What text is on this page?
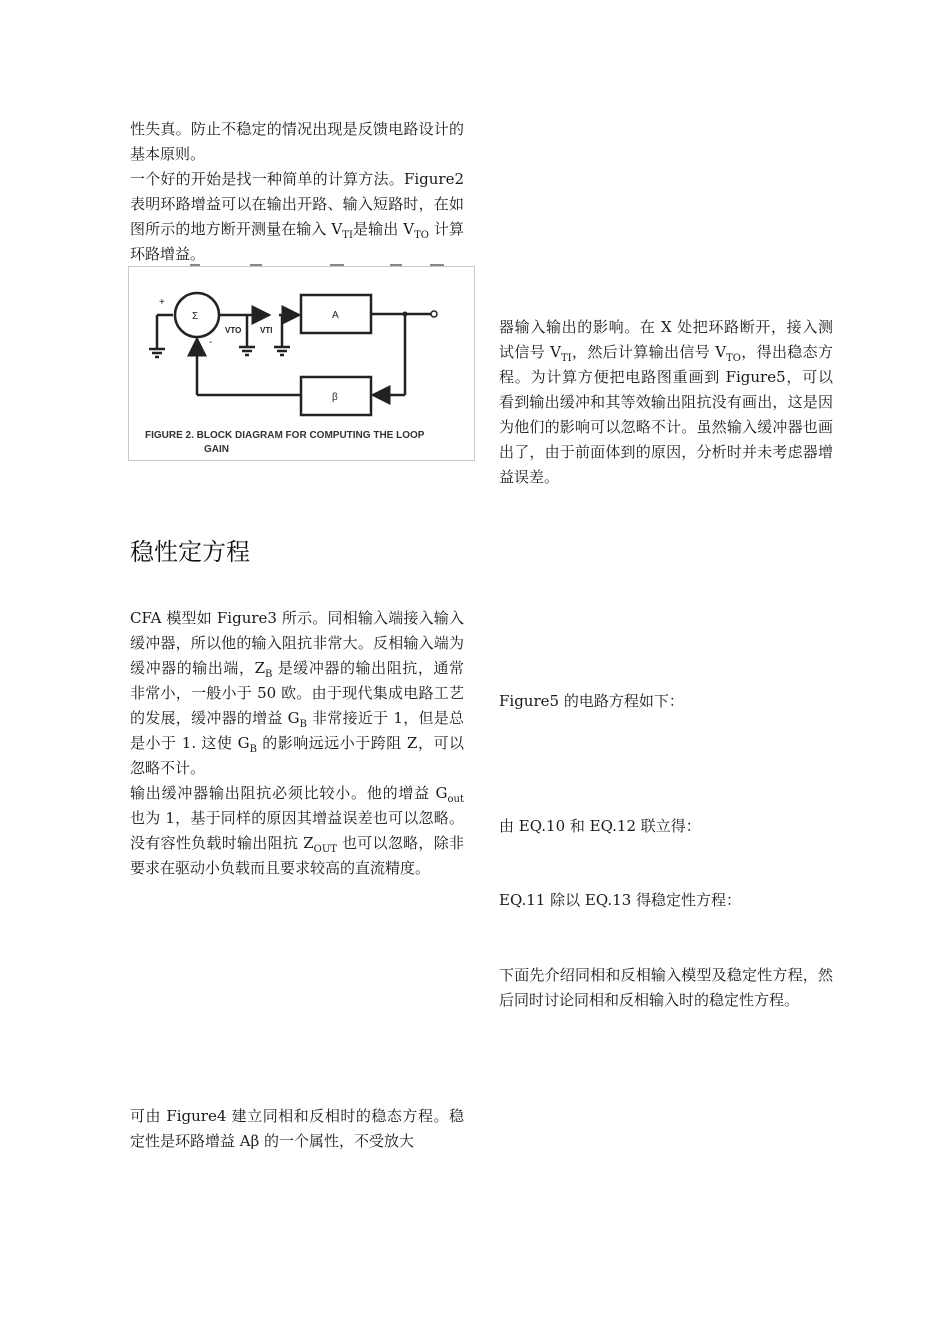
性失真。防止不稳定的情况出现是反馈电路设计的基本原则。

一个好的开始是找一种简单的计算方法。Figure2 表明环路增益可以在输出开路、输入短路时，在如图所示的地方断开测量在输入 $V_{TI}$是输出 $V_{TO}$ 计算环路增益。

Σ
+
-
VTO VTI
A
β
FIGURE 2. BLOCK DIAGRAM FOR COMPUTING THE LOOP
GAIN
稳性定方程

CFA 模型如 Figure3 所示。同相输入端接入输入缓冲器，所以他的输入阻抗非常大。反相输入端为缓冲器的输出端，$Z_B$ 是缓冲器的输出阻抗，通常非常小，一般小于 50 欧。由于现代集成电路工艺的发展，缓冲器的增益 $G_B$ 非常接近于 1，但是总是小于 1. 这使 $G_B$ 的影响远远小于跨阻 Z，可以忽略不计。

输出缓冲器输出阻抗必须比较小。他的增益 $G_{out}$ 也为 1，基于同样的原因其增益误差也可以忽略。没有容性负载时输出阻抗 $Z_{OUT}$ 也可以忽略，除非要求在驱动小负载而且要求较高的直流精度。

可由 Figure4 建立同相和反相时的稳态方程。稳定性是环路增益 Aβ 的一个属性，不受放大

器输入输出的影响。在 X 处把环路断开，接入测试信号 $V_{TI}$，然后计算输出信号 $V_{TO}$，得出稳态方程。为计算方便把电路图重画到 Figure5，可以看到输出缓冲和其等效输出阻抗没有画出，这是因为他们的影响可以忽略不计。虽然输入缓冲器也画出了，由于前面体到的原因，分析时并未考虑器增益误差。

Figure5 的电路方程如下：

由 EQ.10 和 EQ.12 联立得：

EQ.11 除以 EQ.13 得稳定性方程：

下面先介绍同相和反相输入模型及稳定性方程，然后同时讨论同相和反相输入时的稳定性方程。
